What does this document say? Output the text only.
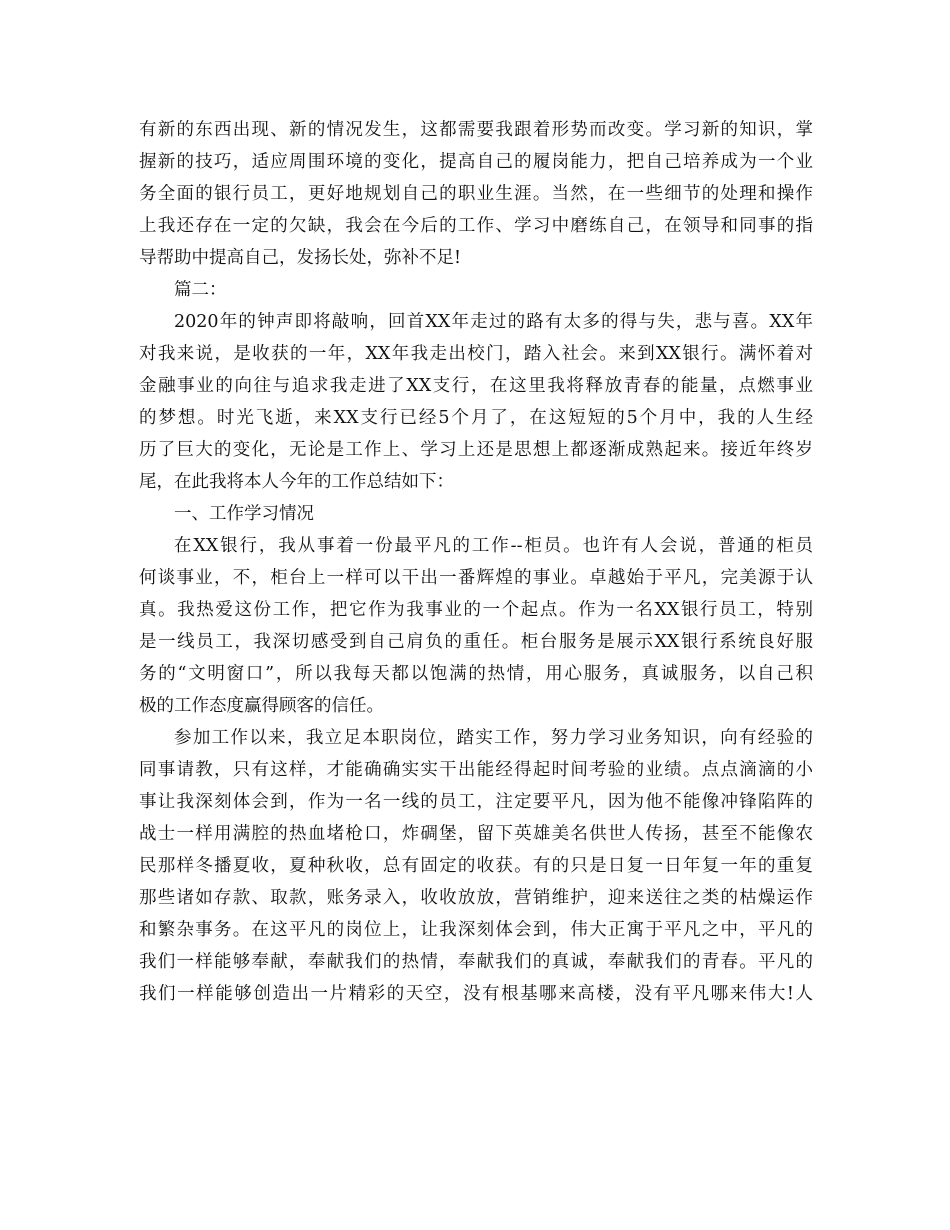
有新的东西出现、新的情况发生，这都需要我跟着形势而改变。学习新的知识，掌
握新的技巧，适应周围环境的变化，提高自己的履岗能力，把自己培养成为一个业
务全面的银行员工，更好地规划自己的职业生涯。当然，在一些细节的处理和操作
上我还存在一定的欠缺，我会在今后的工作、学习中磨练自己，在领导和同事的指
导帮助中提高自己，发扬长处，弥补不足!
篇二：
2020年的钟声即将敲响，回首XX年走过的路有太多的得与失，悲与喜。XX年
对我来说，是收获的一年，XX年我走出校门，踏入社会。来到XX银行。满怀着对
金融事业的向往与追求我走进了XX支行，在这里我将释放青春的能量，点燃事业
的梦想。时光飞逝，来XX支行已经5个月了，在这短短的5个月中，我的人生经
历了巨大的变化，无论是工作上、学习上还是思想上都逐渐成熟起来。接近年终岁
尾，在此我将本人今年的工作总结如下：
一、工作学习情况
在XX银行，我从事着一份最平凡的工作--柜员。也许有人会说，普通的柜员
何谈事业，不，柜台上一样可以干出一番辉煌的事业。卓越始于平凡，完美源于认
真。我热爱这份工作，把它作为我事业的一个起点。作为一名XX银行员工，特别
是一线员工，我深切感受到自己肩负的重任。柜台服务是展示XX银行系统良好服
务的“文明窗口”，所以我每天都以饱满的热情，用心服务，真诚服务，以自己积
极的工作态度赢得顾客的信任。
参加工作以来，我立足本职岗位，踏实工作，努力学习业务知识，向有经验的
同事请教，只有这样，才能确确实实干出能经得起时间考验的业绩。点点滴滴的小
事让我深刻体会到，作为一名一线的员工，注定要平凡，因为他不能像冲锋陷阵的
战士一样用满腔的热血堵枪口，炸碉堡，留下英雄美名供世人传扬，甚至不能像农
民那样冬播夏收，夏种秋收，总有固定的收获。有的只是日复一日年复一年的重复
那些诸如存款、取款，账务录入，收收放放，营销维护，迎来送往之类的枯燥运作
和繁杂事务。在这平凡的岗位上，让我深刻体会到，伟大正寓于平凡之中，平凡的
我们一样能够奉献，奉献我们的热情，奉献我们的真诚，奉献我们的青春。平凡的
我们一样能够创造出一片精彩的天空，没有根基哪来高楼，没有平凡哪来伟大!人
